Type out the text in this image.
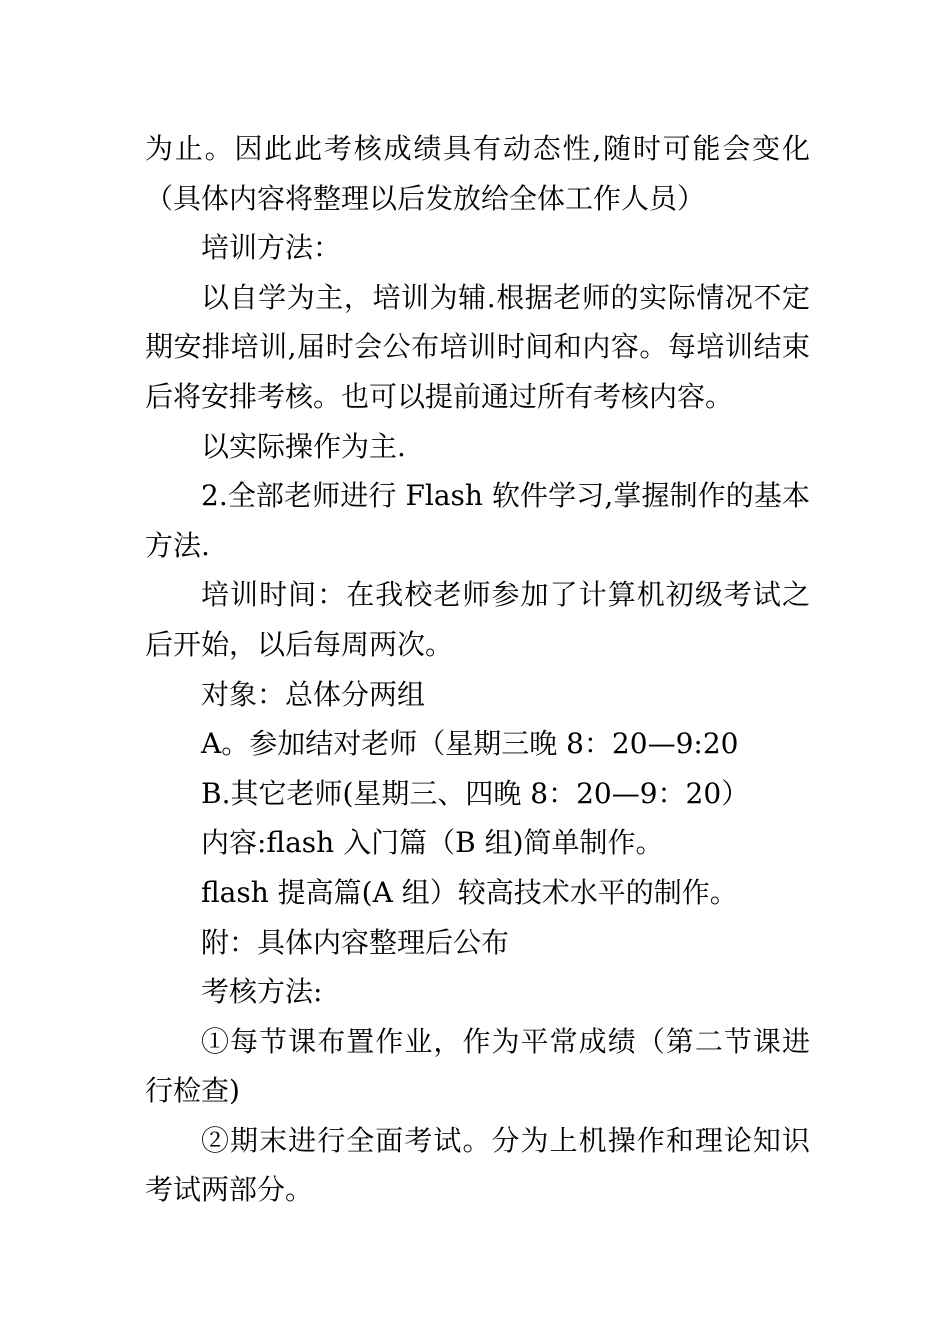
为止。因此此考核成绩具有动态性,随时可能会变化（具体内容将整理以后发放给全体工作人员）

培训方法：

以自学为主，培训为辅.根据老师的实际情况不定期安排培训,届时会公布培训时间和内容。每培训结束后将安排考核。也可以提前通过所有考核内容。

以实际操作为主.

2.全部老师进行 Flash 软件学习,掌握制作的基本方法.

培训时间：在我校老师参加了计算机初级考试之后开始，以后每周两次。

对象：总体分两组

A。参加结对老师（星期三晚 8：20—9:20

B.其它老师(星期三、四晚 8：20—9：20）

内容:flash 入门篇（B 组)简单制作。

flash 提高篇(A 组）较高技术水平的制作。

附：具体内容整理后公布

考核方法:

①每节课布置作业，作为平常成绩（第二节课进行检查)

②期末进行全面考试。分为上机操作和理论知识考试两部分。
